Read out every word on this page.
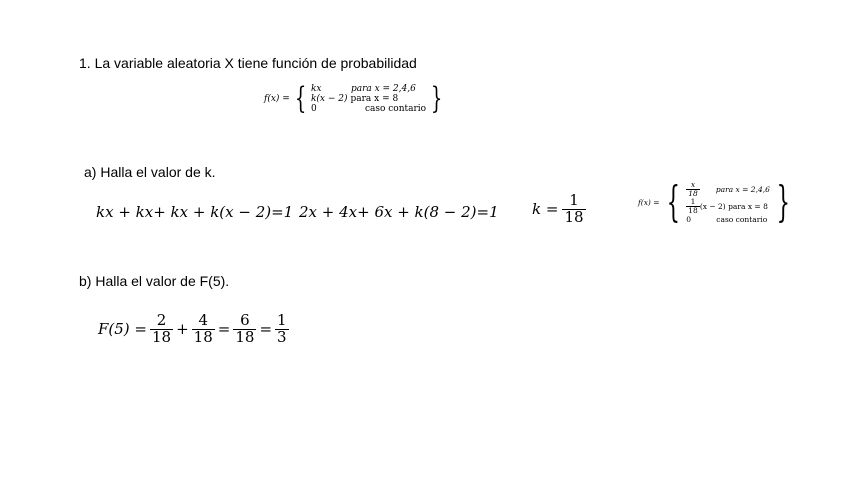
1. La variable aleatoria X tiene función de probabilidad
f(x) = { kx	para x = 2,4,6
k(x − 2) para x = 8
0	caso contario }
a) Halla el valor de k.
kx + kx+ kx + k(x − 2)=1 2x + 4x+ 6x + k(8 − 2)=1 $k = \frac{1}{18}$	f(x) = { $\frac{x}{18}$ para x = 2,4,6
$\frac{1}{18} (x - 2)$ para x = 8
0	caso contario }
b) Halla el valor de F(5).
$F(5) = \frac{2}{18} + \frac{4}{18} = \frac{6}{18} = \frac{1}{3}$
